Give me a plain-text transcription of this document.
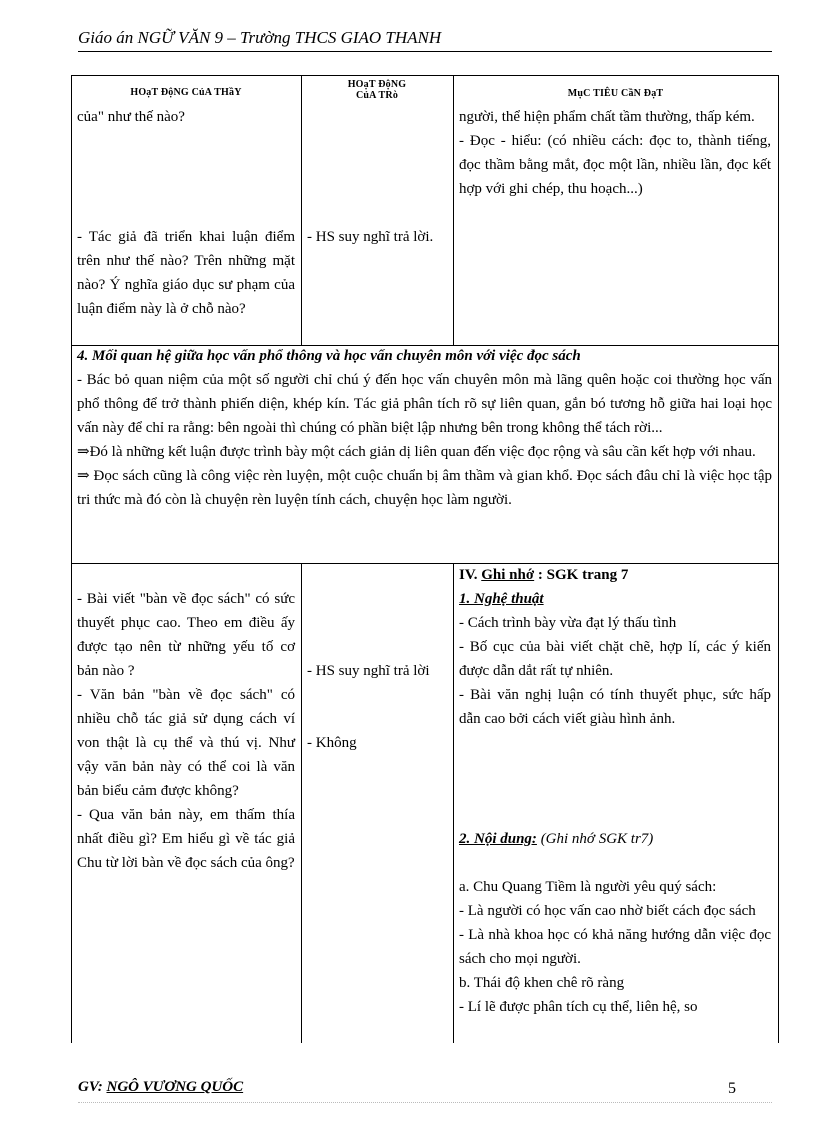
Giáo án NGỮ VĂN 9 – Trường THCS GIAO THANH
HOạT ĐộNG CủA THầY
HOạT ĐộNG
CủA TRò	MụC TIÊU CầN ĐạT
của" như thế nào?
- Tác giả đã triển khai luận điểm trên như thế nào? Trên những mặt nào? Ý nghĩa giáo dục sư phạm của luận điểm này là ở chỗ nào?
- HS suy nghĩ trả lời.

người, thể hiện phẩm chất tầm thường, thấp kém.

- Đọc - hiểu: (có nhiều cách: đọc to, thành tiếng, đọc thầm bằng mắt, đọc một lần, nhiều lần, đọc kết hợp với ghi chép, thu hoạch...)

4. Mối quan hệ giữa học vấn phổ thông và học vấn chuyên môn với việc đọc sách

- Bác bỏ quan niệm của một số người chỉ chú ý đến học vấn chuyên môn mà lãng quên hoặc coi thường học vấn phổ thông để trở thành phiến diện, khép kín. Tác giả phân tích rõ sự liên quan, gắn bó tương hỗ giữa hai loại học vấn này để chỉ ra rằng: bên ngoài thì chúng có phần biệt lập nhưng bên trong không thể tách rời...

⇒Đó là những kết luận được trình bày một cách giản dị liên quan đến việc đọc rộng và sâu cần kết hợp với nhau.

⇒ Đọc sách cũng là công việc rèn luyện, một cuộc chuẩn bị âm thầm và gian khổ. Đọc sách đâu chỉ là việc học tập tri thức mà đó còn là chuyện rèn luyện tính cách, chuyện học làm người.

- Bài viết "bàn về đọc sách" có sức thuyết phục cao. Theo em điều ấy được tạo nên từ những yếu tố cơ bản nào ?

- Văn bản "bàn về đọc sách" có nhiều chỗ tác giả sử dụng cách ví von thật là cụ thể và thú vị. Như vậy văn bản này có thể coi là văn bản biểu cảm được không?

- Qua văn bản này, em thấm thía nhất điều gì? Em hiểu gì về tác giả Chu từ lời bàn về đọc sách của ông?

- HS suy nghĩ trả lời
- Không

IV. Ghi nhớ : SGK trang 7

1. Nghệ thuật

- Cách trình bày vừa đạt lý thấu tình

- Bố cục của bài viết chặt chẽ, hợp lí, các ý kiến được dẫn dắt rất tự nhiên.

- Bài văn nghị luận có tính thuyết phục, sức hấp dẫn cao bởi cách viết giàu hình ảnh.

2. Nội dung: (Ghi nhớ SGK tr7)

a. Chu Quang Tiềm là người yêu quý sách:

- Là người có học vấn cao nhờ biết cách đọc sách

- Là nhà khoa học có khả năng hướng dẫn việc đọc sách cho mọi người.

b. Thái độ khen chê rõ ràng

- Lí lẽ được phân tích cụ thể, liên hệ, so

GV: NGÔ VƯƠNG QUỐC	5
